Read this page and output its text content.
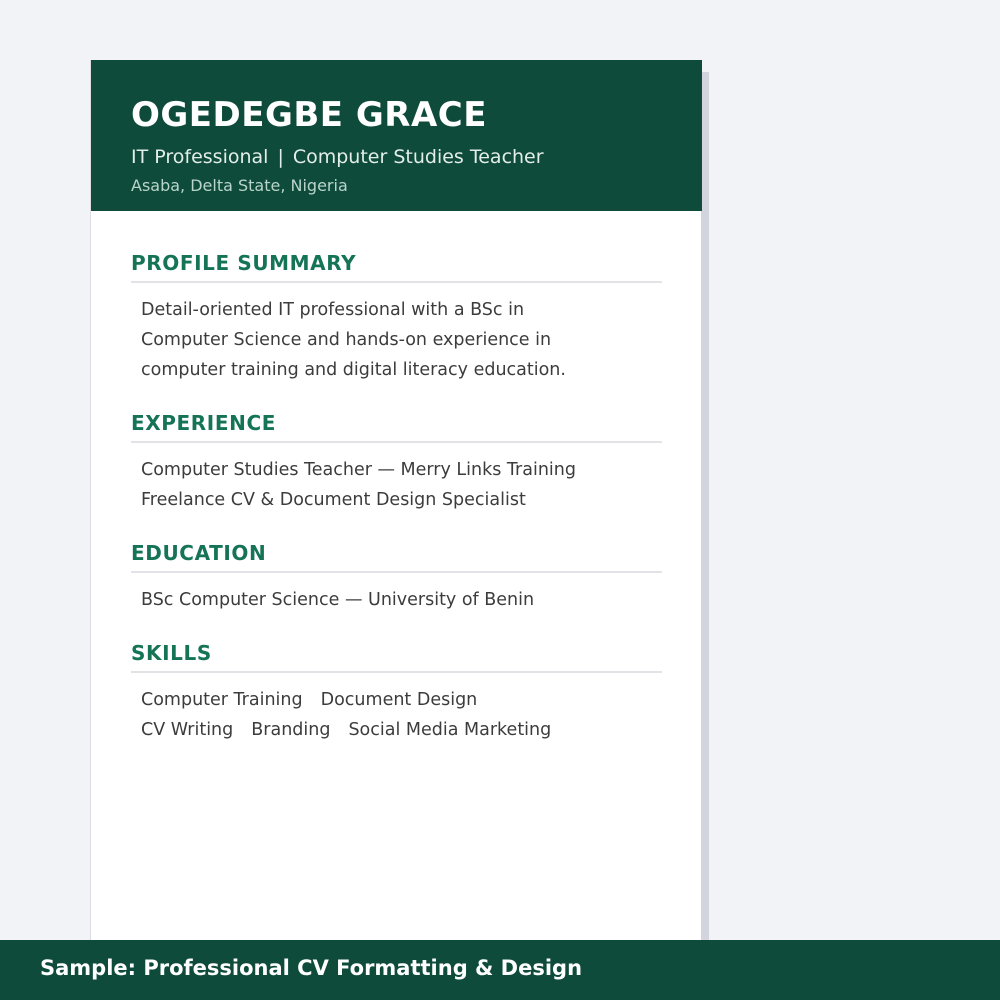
OGEDEGBE GRACE
IT Professional | Computer Studies Teacher
Asaba, Delta State, Nigeria
PROFILE SUMMARY
Detail-oriented IT professional with a BSc in
Computer Science and hands-on experience in
computer training and digital literacy education.
EXPERIENCE
Computer Studies Teacher — Merry Links Training
Freelance CV & Document Design Specialist
EDUCATION
BSc Computer Science — University of Benin
SKILLS
Computer Training Document Design
CV Writing Branding Social Media Marketing
Sample: Professional CV Formatting & Design
